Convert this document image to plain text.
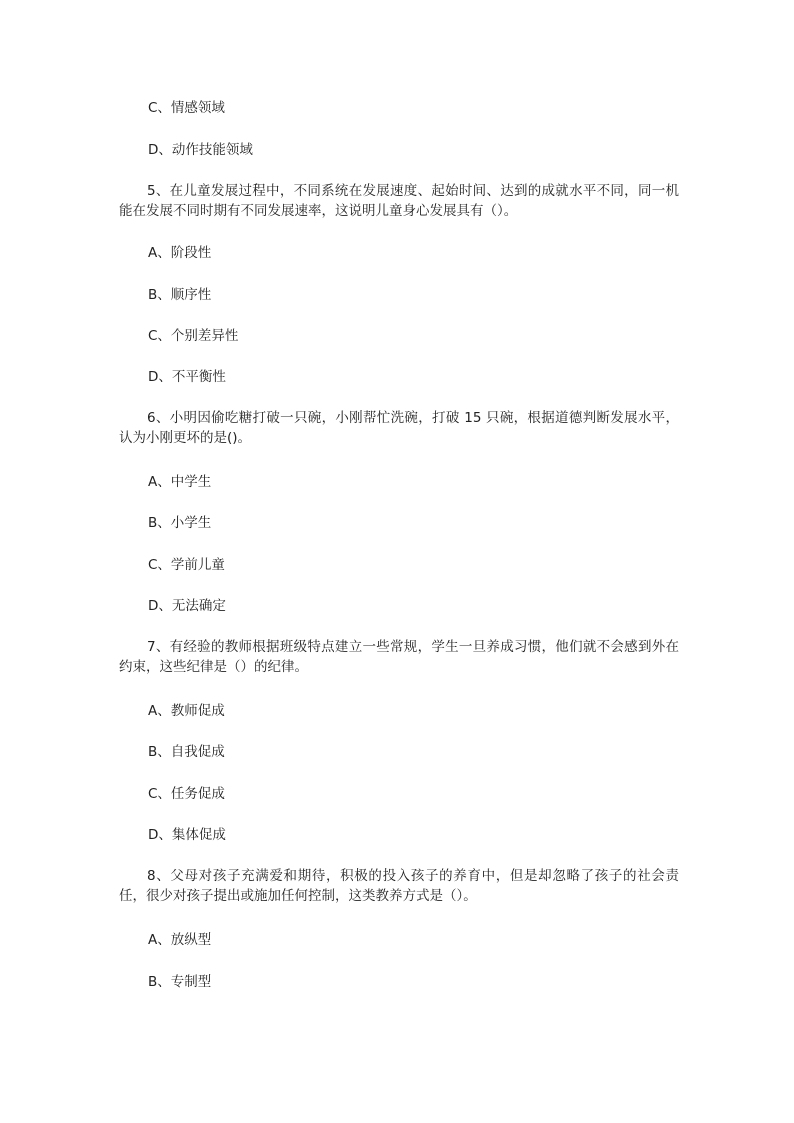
C、情感领域
D、动作技能领域
5、在儿童发展过程中，不同系统在发展速度、起始时间、达到的成就水平不同，同一机能在发展不同时期有不同发展速率，这说明儿童身心发展具有（）。
A、阶段性
B、顺序性
C、个别差异性
D、不平衡性
6、小明因偷吃糖打破一只碗，小刚帮忙洗碗，打破 15 只碗，根据道德判断发展水平，认为小刚更坏的是()。
A、中学生
B、小学生
C、学前儿童
D、无法确定
7、有经验的教师根据班级特点建立一些常规，学生一旦养成习惯，他们就不会感到外在约束，这些纪律是（）的纪律。
A、教师促成
B、自我促成
C、任务促成
D、集体促成
8、父母对孩子充满爱和期待，积极的投入孩子的养育中，但是却忽略了孩子的社会责任，很少对孩子提出或施加任何控制，这类教养方式是（）。
A、放纵型
B、专制型
